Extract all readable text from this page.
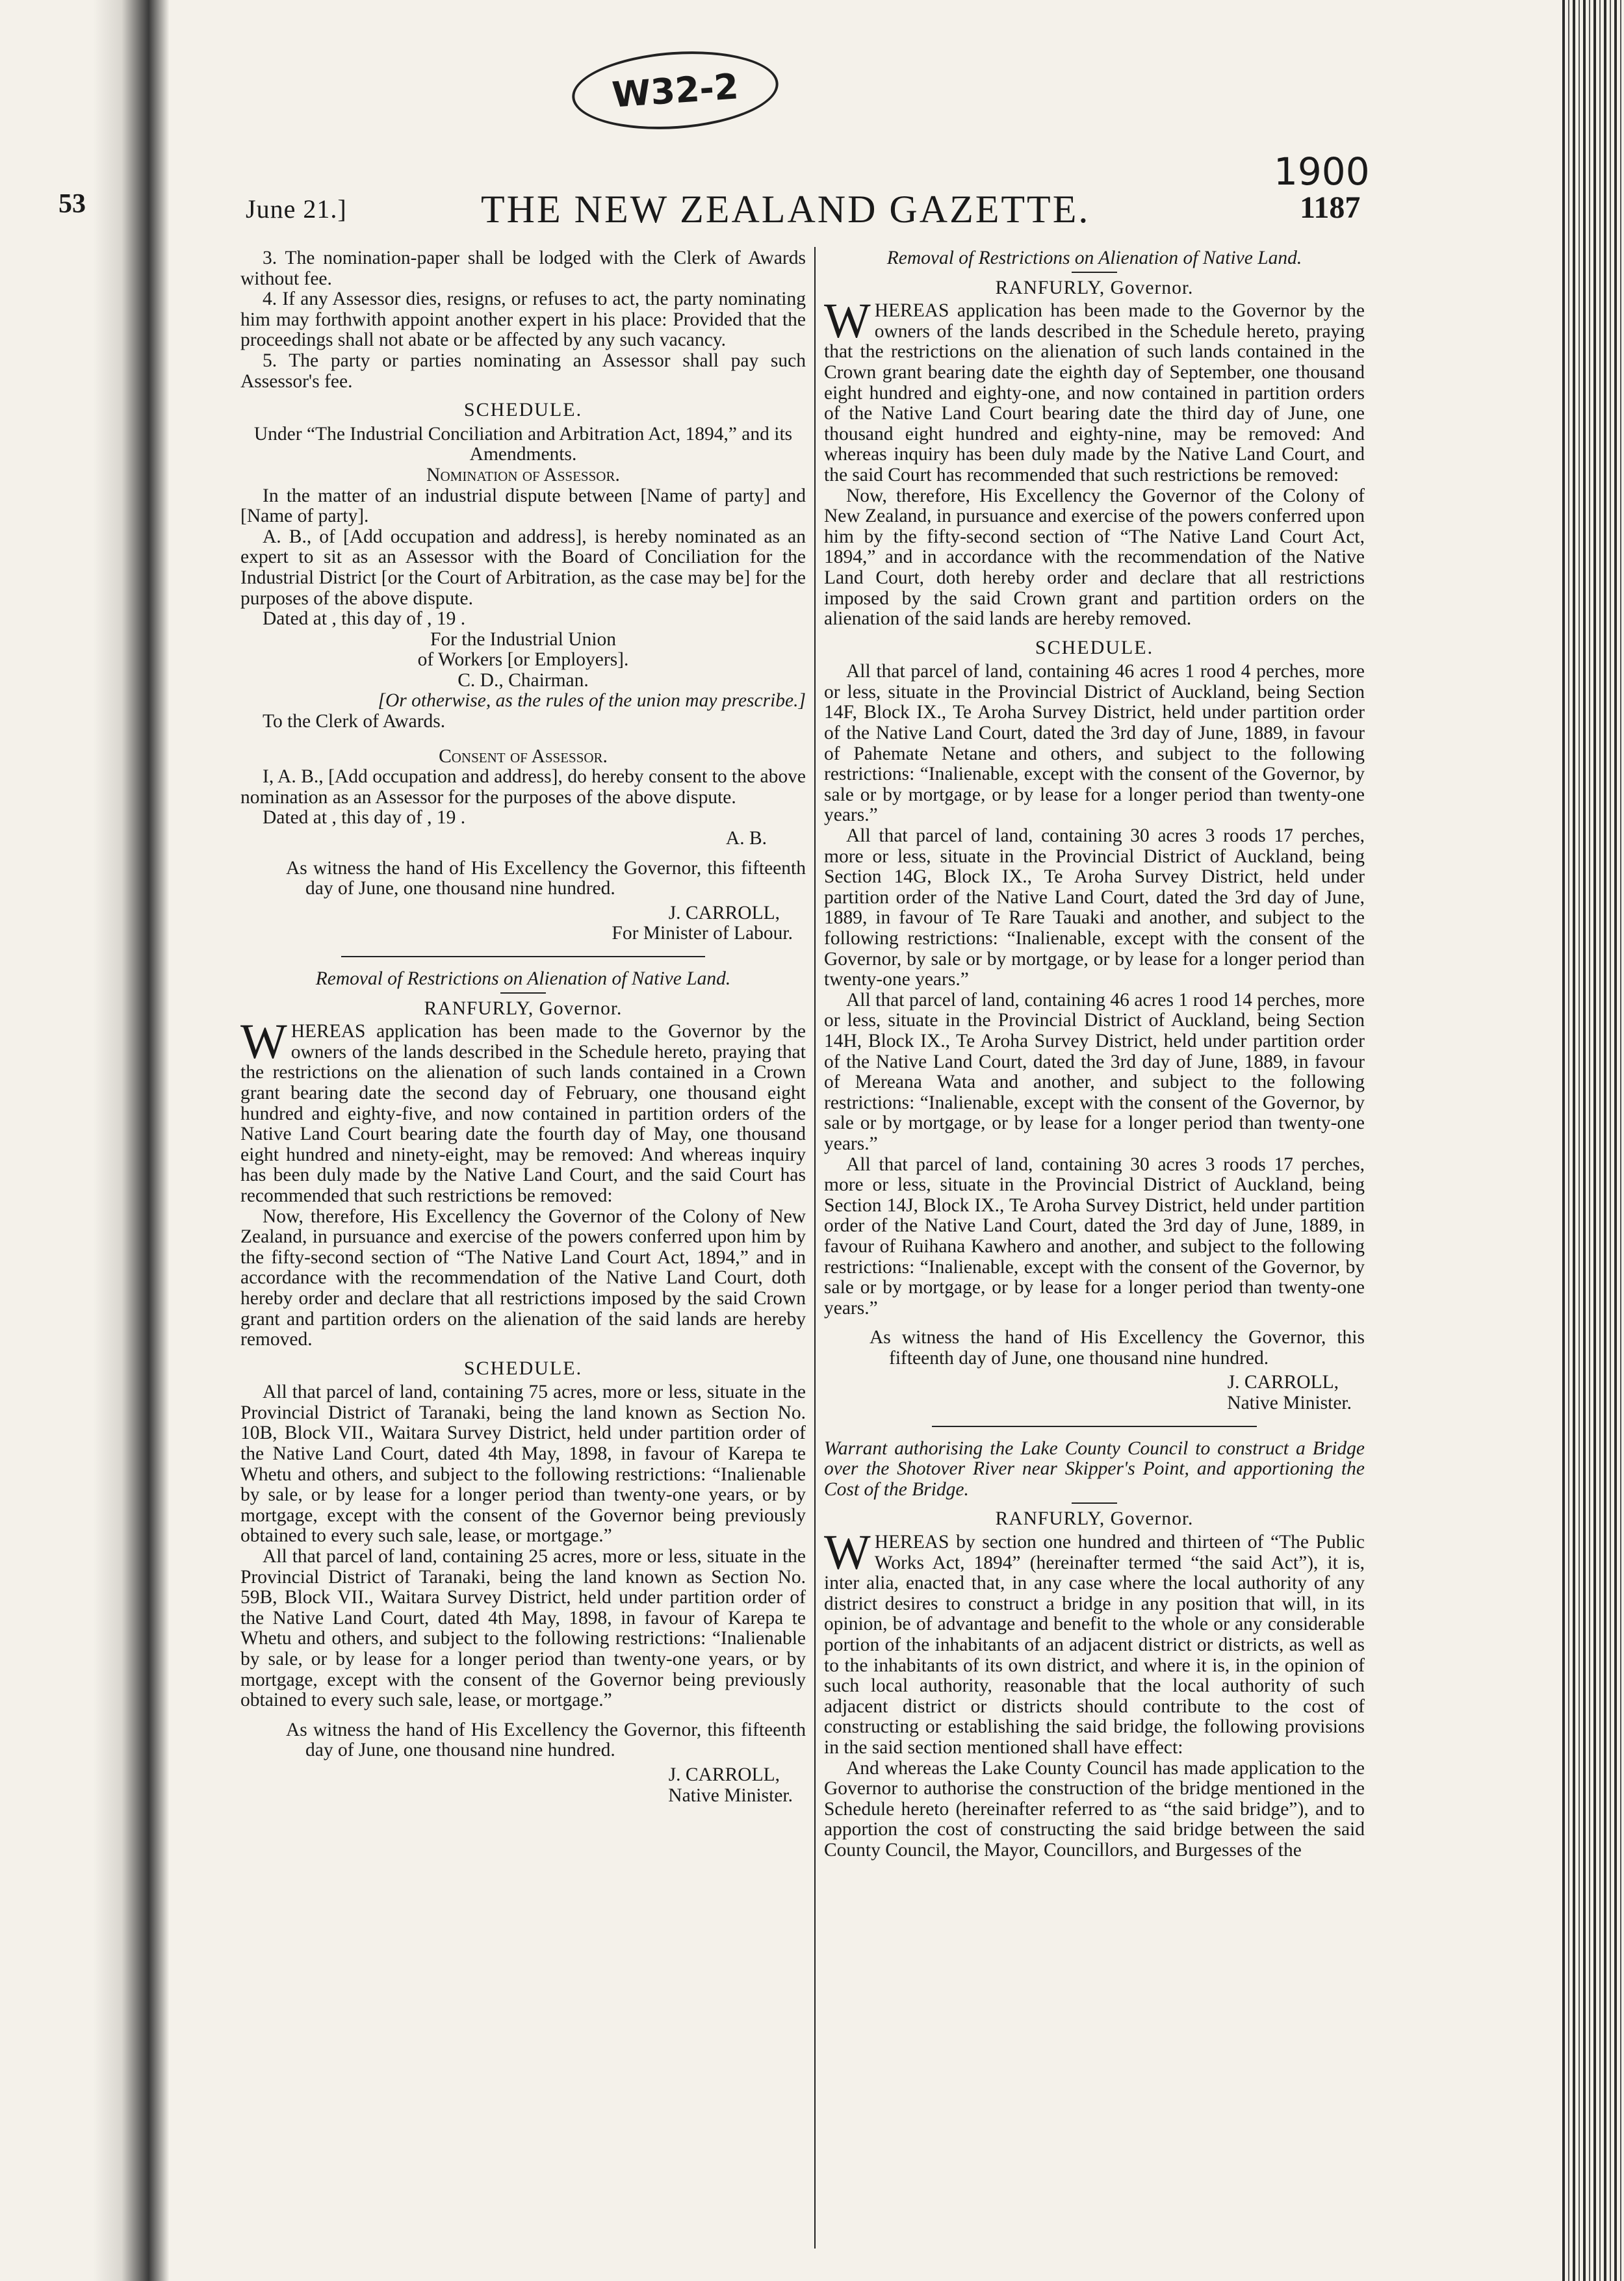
W32-2
1900
53	June 21.]	THE NEW ZEALAND GAZETTE.	1187

3. The nomination-paper shall be lodged with the Clerk of Awards without fee.

4. If any Assessor dies, resigns, or refuses to act, the party nominating him may forthwith appoint another expert in his place: Provided that the proceedings shall not abate or be affected by any such vacancy.

5. The party or parties nominating an Assessor shall pay such Assessor's fee.

SCHEDULE.

Under “The Industrial Conciliation and Arbitration Act, 1894,” and its Amendments.

Nomination of Assessor.

In the matter of an industrial dispute between [Name of party] and [Name of party].

A. B., of [Add occupation and address], is hereby nominated as an expert to sit as an Assessor with the Board of Conciliation for the Industrial District [or the Court of Arbitration, as the case may be] for the purposes of the above dispute.

Dated at , this day of , 19 .

For the Industrial Union

of Workers [or Employers].

C. D., Chairman.

[Or otherwise, as the rules of the union may prescribe.]

To the Clerk of Awards.

Consent of Assessor.

I, A. B., [Add occupation and address], do hereby consent to the above nomination as an Assessor for the purposes of the above dispute.

Dated at , this day of , 19 .

A. B.

As witness the hand of His Excellency the Governor, this fifteenth day of June, one thousand nine hundred.

J. CARROLL,

For Minister of Labour.

Removal of Restrictions on Alienation of Native Land.

RANFURLY, Governor.

WHEREAS application has been made to the Governor by the owners of the lands described in the Schedule hereto, praying that the restrictions on the alienation of such lands contained in a Crown grant bearing date the second day of February, one thousand eight hundred and eighty-five, and now contained in partition orders of the Native Land Court bearing date the fourth day of May, one thousand eight hundred and ninety-eight, may be removed: And whereas inquiry has been duly made by the Native Land Court, and the said Court has recommended that such restrictions be removed:

Now, therefore, His Excellency the Governor of the Colony of New Zealand, in pursuance and exercise of the powers conferred upon him by the fifty-second section of “The Native Land Court Act, 1894,” and in accordance with the recommendation of the Native Land Court, doth hereby order and declare that all restrictions imposed by the said Crown grant and partition orders on the alienation of the said lands are hereby removed.

SCHEDULE.

All that parcel of land, containing 75 acres, more or less, situate in the Provincial District of Taranaki, being the land known as Section No. 10B, Block VII., Waitara Survey District, held under partition order of the Native Land Court, dated 4th May, 1898, in favour of Karepa te Whetu and others, and subject to the following restrictions: “Inalienable by sale, or by lease for a longer period than twenty-one years, or by mortgage, except with the consent of the Governor being previously obtained to every such sale, lease, or mortgage.”

All that parcel of land, containing 25 acres, more or less, situate in the Provincial District of Taranaki, being the land known as Section No. 59B, Block VII., Waitara Survey District, held under partition order of the Native Land Court, dated 4th May, 1898, in favour of Karepa te Whetu and others, and subject to the following restrictions: “Inalienable by sale, or by lease for a longer period than twenty-one years, or by mortgage, except with the consent of the Governor being previously obtained to every such sale, lease, or mortgage.”

As witness the hand of His Excellency the Governor, this fifteenth day of June, one thousand nine hundred.

J. CARROLL,

Native Minister.

Removal of Restrictions on Alienation of Native Land.

RANFURLY, Governor.

WHEREAS application has been made to the Governor by the owners of the lands described in the Schedule hereto, praying that the restrictions on the alienation of such lands contained in the Crown grant bearing date the eighth day of September, one thousand eight hundred and eighty-one, and now contained in partition orders of the Native Land Court bearing date the third day of June, one thousand eight hundred and eighty-nine, may be removed: And whereas inquiry has been duly made by the Native Land Court, and the said Court has recommended that such restrictions be removed:

Now, therefore, His Excellency the Governor of the Colony of New Zealand, in pursuance and exercise of the powers conferred upon him by the fifty-second section of “The Native Land Court Act, 1894,” and in accordance with the recommendation of the Native Land Court, doth hereby order and declare that all restrictions imposed by the said Crown grant and partition orders on the alienation of the said lands are hereby removed.

SCHEDULE.

All that parcel of land, containing 46 acres 1 rood 4 perches, more or less, situate in the Provincial District of Auckland, being Section 14F, Block IX., Te Aroha Survey District, held under partition order of the Native Land Court, dated the 3rd day of June, 1889, in favour of Pahemate Netane and others, and subject to the following restrictions: “Inalienable, except with the consent of the Governor, by sale or by mortgage, or by lease for a longer period than twenty-one years.”

All that parcel of land, containing 30 acres 3 roods 17 perches, more or less, situate in the Provincial District of Auckland, being Section 14G, Block IX., Te Aroha Survey District, held under partition order of the Native Land Court, dated the 3rd day of June, 1889, in favour of Te Rare Tauaki and another, and subject to the following restrictions: “Inalienable, except with the consent of the Governor, by sale or by mortgage, or by lease for a longer period than twenty-one years.”

All that parcel of land, containing 46 acres 1 rood 14 perches, more or less, situate in the Provincial District of Auckland, being Section 14H, Block IX., Te Aroha Survey District, held under partition order of the Native Land Court, dated the 3rd day of June, 1889, in favour of Mereana Wata and another, and subject to the following restrictions: “Inalienable, except with the consent of the Governor, by sale or by mortgage, or by lease for a longer period than twenty-one years.”

All that parcel of land, containing 30 acres 3 roods 17 perches, more or less, situate in the Provincial District of Auckland, being Section 14J, Block IX., Te Aroha Survey District, held under partition order of the Native Land Court, dated the 3rd day of June, 1889, in favour of Ruihana Kawhero and another, and subject to the following restrictions: “Inalienable, except with the consent of the Governor, by sale or by mortgage, or by lease for a longer period than twenty-one years.”

As witness the hand of His Excellency the Governor, this fifteenth day of June, one thousand nine hundred.

J. CARROLL,

Native Minister.

Warrant authorising the Lake County Council to construct a Bridge over the Shotover River near Skipper's Point, and apportioning the Cost of the Bridge.

RANFURLY, Governor.

WHEREAS by section one hundred and thirteen of “The Public Works Act, 1894” (hereinafter termed “the said Act”), it is, inter alia, enacted that, in any case where the local authority of any district desires to construct a bridge in any position that will, in its opinion, be of advantage and benefit to the whole or any considerable portion of the inhabitants of an adjacent district or districts, as well as to the inhabitants of its own district, and where it is, in the opinion of such local authority, reasonable that the local authority of such adjacent district or districts should contribute to the cost of constructing or establishing the said bridge, the following provisions in the said section mentioned shall have effect:

And whereas the Lake County Council has made application to the Governor to authorise the construction of the bridge mentioned in the Schedule hereto (hereinafter referred to as “the said bridge”), and to apportion the cost of constructing the said bridge between the said County Council, the Mayor, Councillors, and Burgesses of the
